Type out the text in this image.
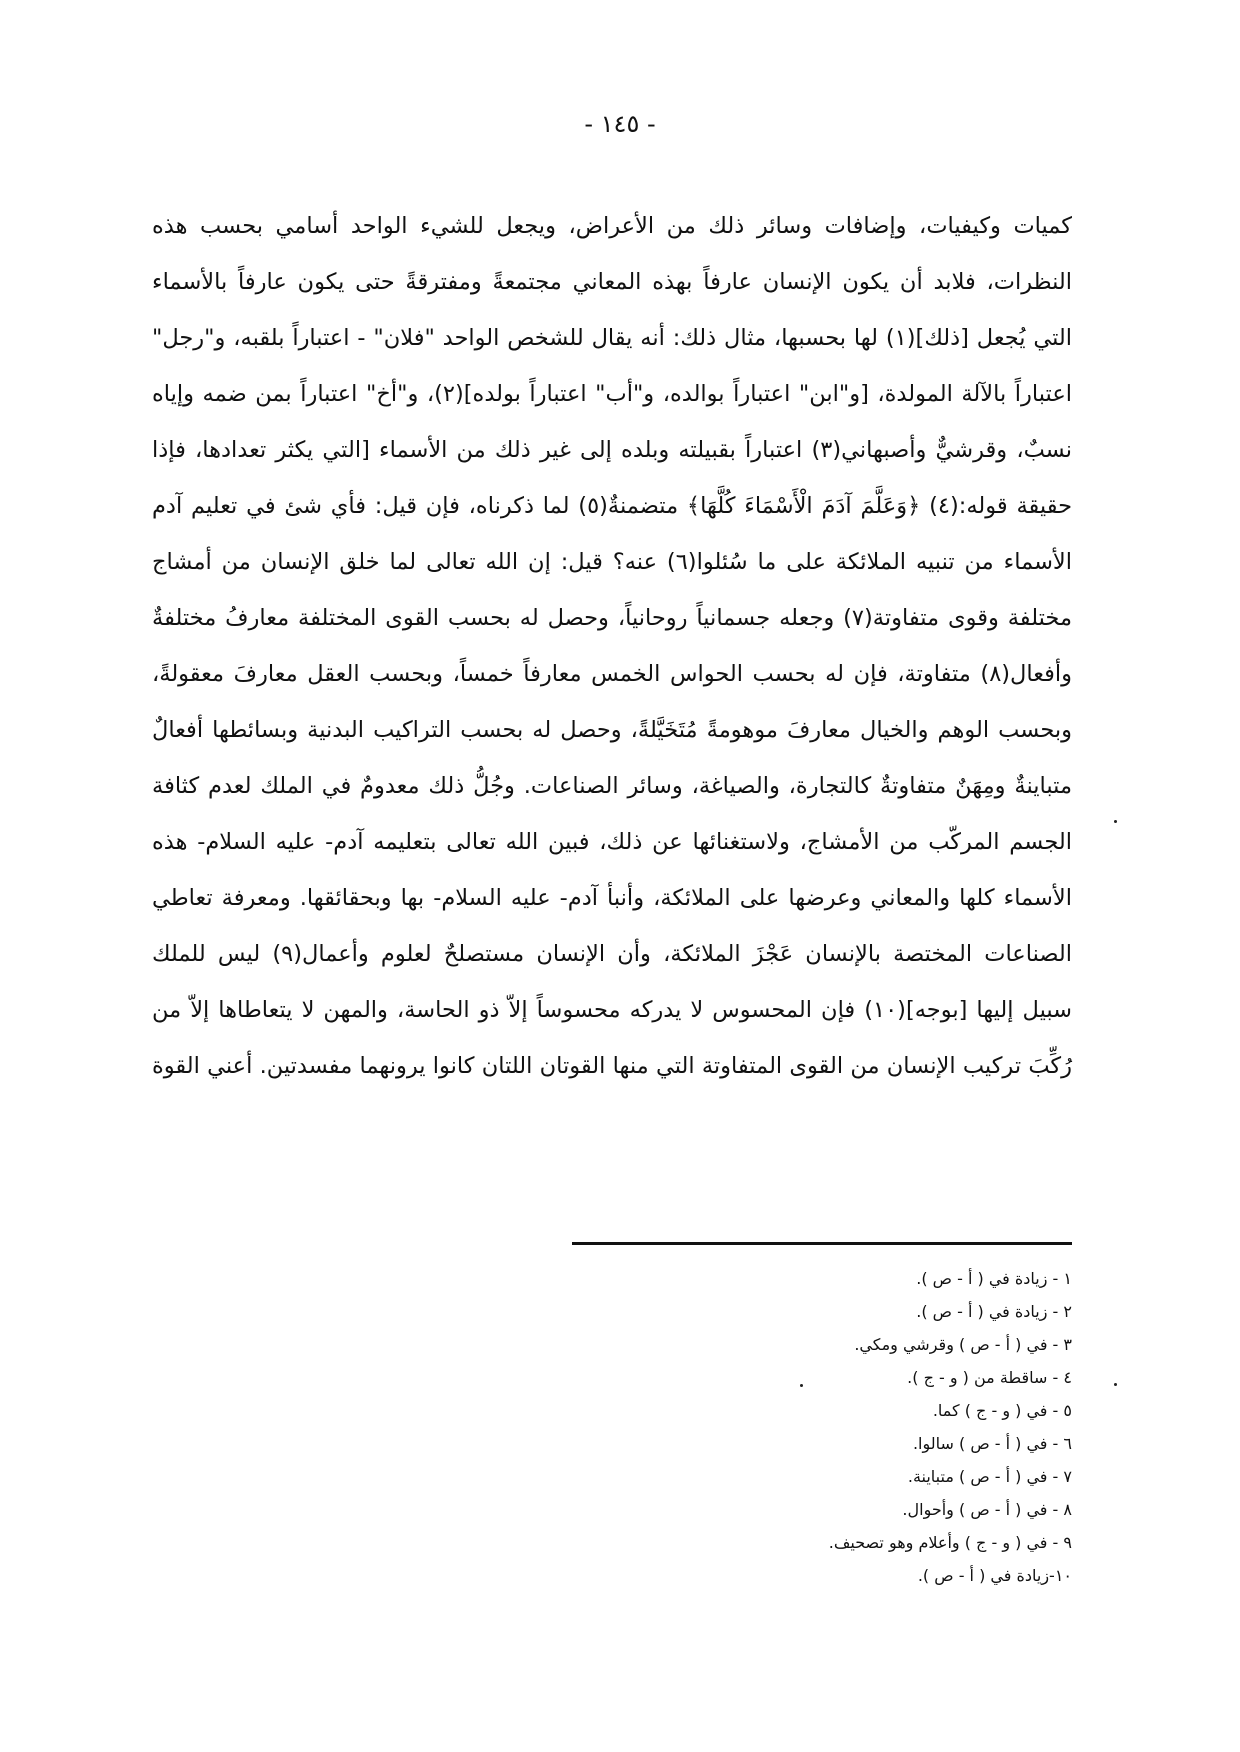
- ١٤٥ -
كميات وكيفيات، وإضافات وسائر ذلك من الأعراض، ويجعل للشيء الواحد أسامي بحسب هذه
النظرات، فلابد أن يكون الإنسان عارفاً بهذه المعاني مجتمعةً ومفترقةً حتى يكون عارفاً بالأسماء
التي يُجعل [ذلك](١) لها بحسبها، مثال ذلك: أنه يقال للشخص الواحد "فلان" - اعتباراً بلقبه، و"رجل"
اعتباراً بالآلة المولدة، [و"ابن" اعتباراً بوالده، و"أب" اعتباراً بولده](٢)، و"أخ" اعتباراً بمن ضمه وإياه
نسبٌ، وقرشيٌّ وأصبهاني(٣) اعتباراً بقبيلته وبلده إلى غير ذلك من الأسماء [التي يكثر تعدادها، فإذا
حقيقة قوله:(٤) ﴿وَعَلَّمَ آدَمَ الْأَسْمَاءَ كُلَّهَا﴾ متضمنةٌ(٥) لما ذكرناه، فإن قيل: فأي شئ في تعليم آدم
الأسماء من تنبيه الملائكة على ما سُئلوا(٦) عنه؟ قيل: إن الله تعالى لما خلق الإنسان من أمشاج
مختلفة وقوى متفاوتة(٧) وجعله جسمانياً روحانياً، وحصل له بحسب القوى المختلفة معارفُ مختلفةٌ
وأفعال(٨) متفاوتة، فإن له بحسب الحواس الخمس معارفاً خمساً، وبحسب العقل معارفَ معقولةً،
وبحسب الوهم والخيال معارفَ موهومةً مُتَخَيَّلةً، وحصل له بحسب التراكيب البدنية وبسائطها أفعالٌ
متباينةٌ ومِهَنٌ متفاوتةٌ كالتجارة، والصياغة، وسائر الصناعات. وجُلُّ ذلك معدومٌ في الملك لعدم كثافة
الجسم المركّب من الأمشاج، ولاستغنائها عن ذلك، فبين الله تعالى بتعليمه آدم- عليه السلام- هذه
الأسماء كلها والمعاني وعرضها على الملائكة، وأنبأ آدم- عليه السلام- بها وبحقائقها. ومعرفة تعاطي
الصناعات المختصة بالإنسان عَجْزَ الملائكة، وأن الإنسان مستصلحٌ لعلوم وأعمال(٩) ليس للملك
سبيل إليها [بوجه](١٠) فإن المحسوس لا يدركه محسوساً إلاّ ذو الحاسة، والمهن لا يتعاطاها إلاّ من
رُكِّبَ تركيب الإنسان من القوى المتفاوتة التي منها القوتان اللتان كانوا يرونهما مفسدتين. أعني القوة
١ - زيادة في ( أ - ص ).
٢ - زيادة في ( أ - ص ).
٣ - في ( أ - ص ) وقرشي ومكي.
٤ - ساقطة من ( و - ج ).
٥ - في ( و - ج ) كما.
٦ - في ( أ - ص ) سالوا.
٧ - في ( أ - ص ) متباينة.
٨ - في ( أ - ص ) وأحوال.
٩ - في ( و - ج ) وأعلام وهو تصحيف.
١٠-زيادة في ( أ - ص ).
